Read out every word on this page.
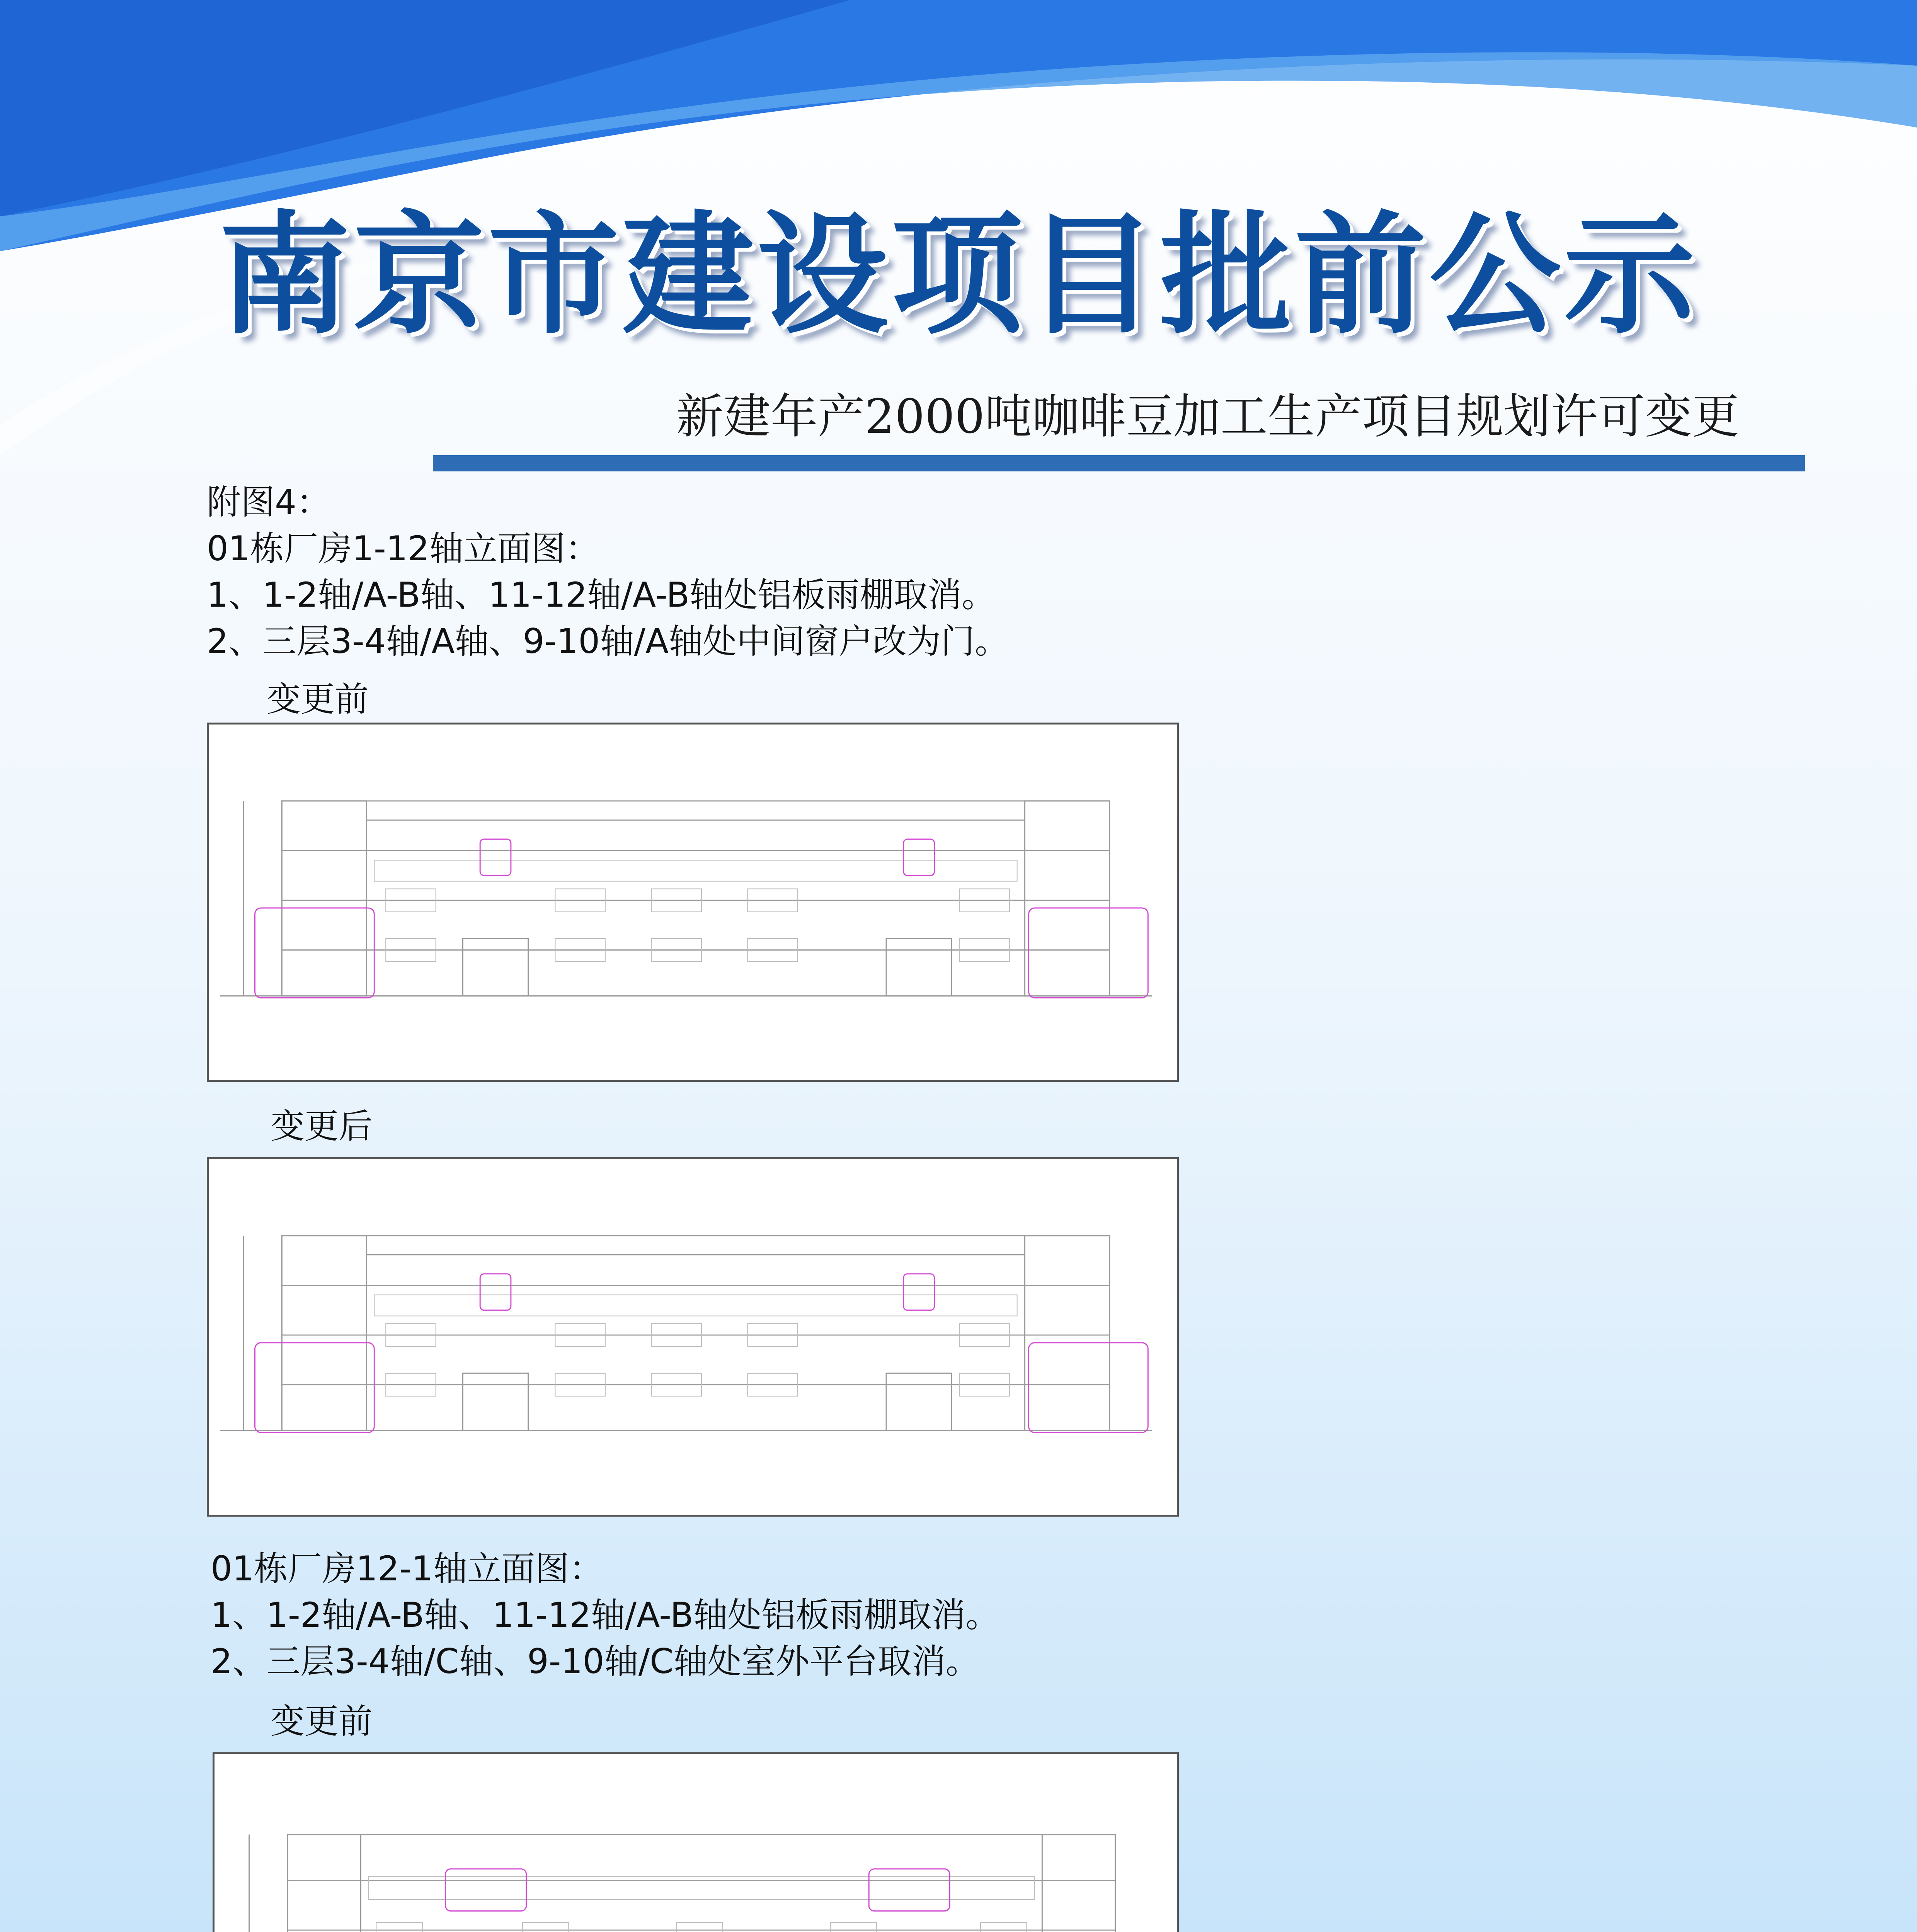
南京市建设项目批前公示
新建年产2000吨咖啡豆加工生产项目规划许可变更
附图4：
01栋厂房1-12轴立面图：
1、1-2轴/A-B轴、11-12轴/A-B轴处铝板雨棚取消。
2、三层3-4轴/A轴、9-10轴/A轴处中间窗户改为门。
变更前
变更后
01栋厂房12-1轴立面图：
1、1-2轴/A-B轴、11-12轴/A-B轴处铝板雨棚取消。
2、三层3-4轴/C轴、9-10轴/C轴处室外平台取消。
变更前
